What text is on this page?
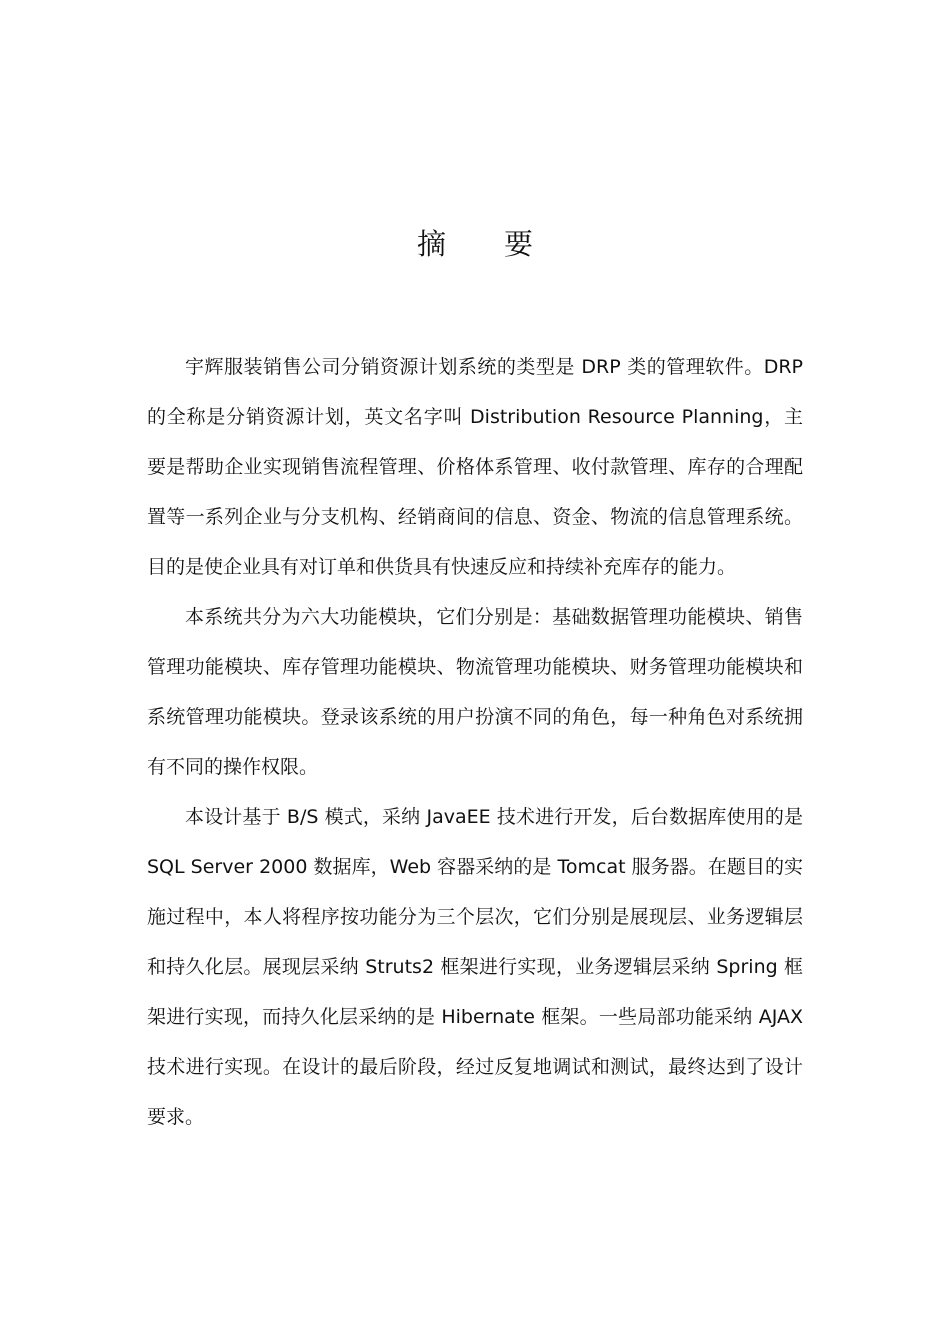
摘 要

宇辉服装销售公司分销资源计划系统的类型是 DRP 类的管理软件。DRP 的全称是分销资源计划，英文名字叫 Distribution Resource Planning，主要是帮助企业实现销售流程管理、价格体系管理、收付款管理、库存的合理配置等一系列企业与分支机构、经销商间的信息、资金、物流的信息管理系统。目的是使企业具有对订单和供货具有快速反应和持续补充库存的能力。

本系统共分为六大功能模块，它们分别是：基础数据管理功能模块、销售管理功能模块、库存管理功能模块、物流管理功能模块、财务管理功能模块和系统管理功能模块。登录该系统的用户扮演不同的角色，每一种角色对系统拥有不同的操作权限。

本设计基于 B/S 模式，采纳 JavaEE 技术进行开发，后台数据库使用的是 SQL Server 2000 数据库，Web 容器采纳的是 Tomcat 服务器。在题目的实施过程中，本人将程序按功能分为三个层次，它们分别是展现层、业务逻辑层和持久化层。展现层采纳 Struts2 框架进行实现，业务逻辑层采纳 Spring 框架进行实现，而持久化层采纳的是 Hibernate 框架。一些局部功能采纳 AJAX 技术进行实现。在设计的最后阶段，经过反复地调试和测试，最终达到了设计要求。
